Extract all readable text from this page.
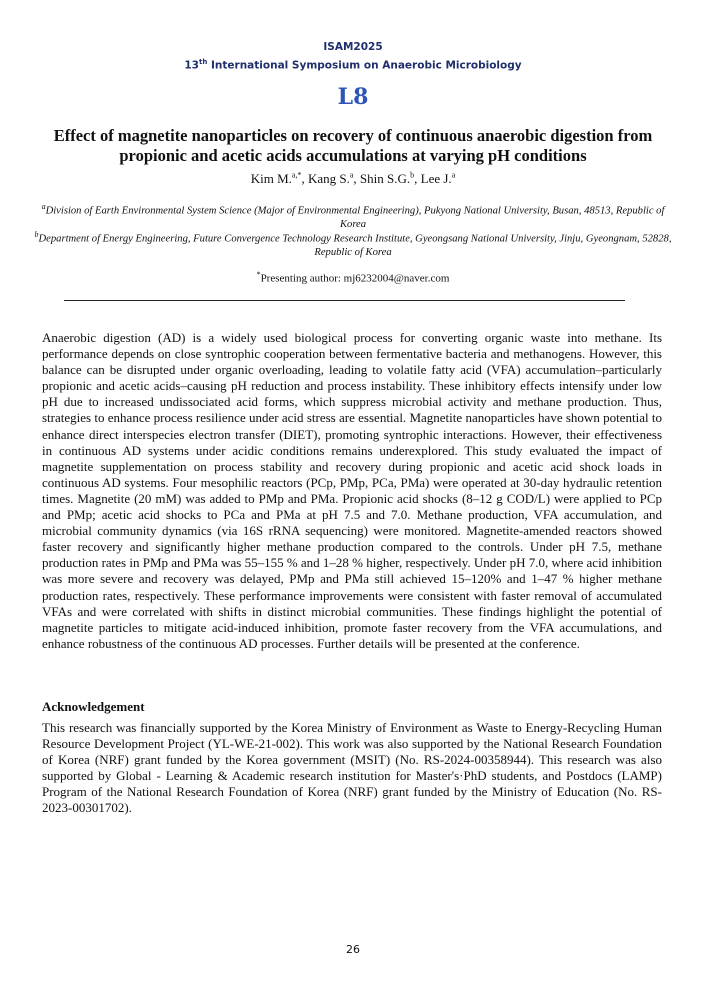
ISAM2025
13th International Symposium on Anaerobic Microbiology
L8
Effect of magnetite nanoparticles on recovery of continuous anaerobic digestion from propionic and acetic acids accumulations at varying pH conditions
Kim M.$^{a,*}$, Kang S.$^a$, Shin S.G.$^b$, Lee J.$^a$
$^a$Division of Earth Environmental System Science (Major of Environmental Engineering), Pukyong National University, Busan, 48513, Republic of Korea
$^b$Department of Energy Engineering, Future Convergence Technology Research Institute, Gyeongsang National University, Jinju, Gyeongnam, 52828, Republic of Korea
*Presenting author: mj6232004@naver.com

Anaerobic digestion (AD) is a widely used biological process for converting organic waste into methane. Its performance depends on close syntrophic cooperation between fermentative bacteria and methanogens. However, this balance can be disrupted under organic overloading, leading to volatile fatty acid (VFA) accumulation–particularly propionic and acetic acids–causing pH reduction and process instability. These inhibitory effects intensify under low pH due to increased undissociated acid forms, which suppress microbial activity and methane production. Thus, strategies to enhance process resilience under acid stress are essential. Magnetite nanoparticles have shown potential to enhance direct interspecies electron transfer (DIET), promoting syntrophic interactions. However, their effectiveness in continuous AD systems under acidic conditions remains underexplored. This study evaluated the impact of magnetite supplementation on process stability and recovery during propionic and acetic acid shock loads in continuous AD systems. Four mesophilic reactors (PCp, PMp, PCa, PMa) were operated at 30-day hydraulic retention times. Magnetite (20 mM) was added to PMp and PMa. Propionic acid shocks (8–12 g COD/L) were applied to PCp and PMp; acetic acid shocks to PCa and PMa at pH 7.5 and 7.0. Methane production, VFA accumulation, and microbial community dynamics (via 16S rRNA sequencing) were monitored. Magnetite-amended reactors showed faster recovery and significantly higher methane production compared to the controls. Under pH 7.5, methane production rates in PMp and PMa was 55–155 % and 1–28 % higher, respectively. Under pH 7.0, where acid inhibition was more severe and recovery was delayed, PMp and PMa still achieved 15–120% and 1–47 % higher methane production rates, respectively. These performance improvements were consistent with faster removal of accumulated VFAs and were correlated with shifts in distinct microbial communities. These findings highlight the potential of magnetite particles to mitigate acid-induced inhibition, promote faster recovery from the VFA accumulations, and enhance robustness of the continuous AD processes. Further details will be presented at the conference.

Acknowledgement

This research was financially supported by the Korea Ministry of Environment as Waste to Energy-Recycling Human Resource Development Project (YL-WE-21-002). This work was also supported by the National Research Foundation of Korea (NRF) grant funded by the Korea government (MSIT) (No. RS-2024-00358944). This research was also supported by Global - Learning & Academic research institution for Master's·PhD students, and Postdocs (LAMP) Program of the National Research Foundation of Korea (NRF) grant funded by the Ministry of Education (No. RS-2023-00301702).

26
